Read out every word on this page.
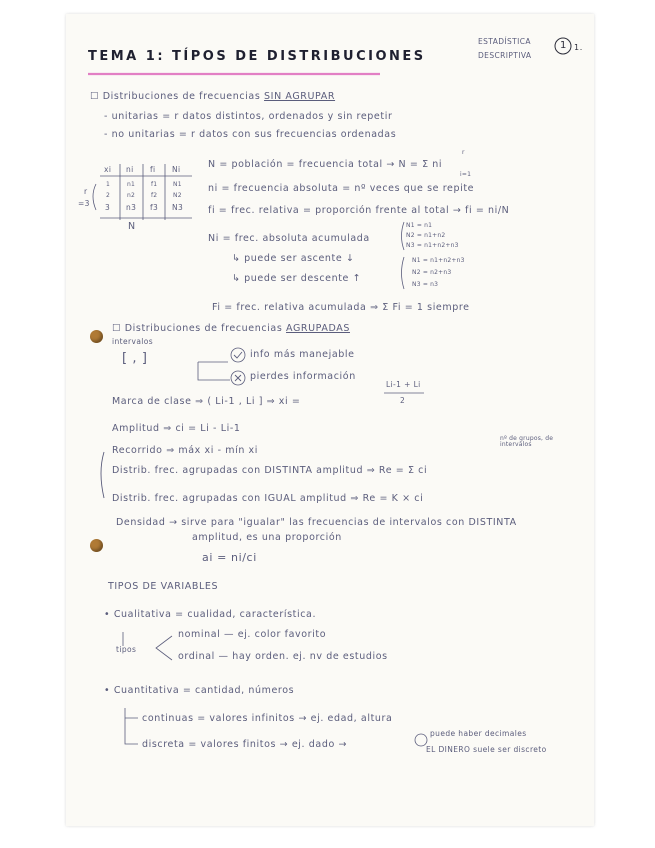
TEMA 1: TÍPOS DE DISTRIBUCIONES
ESTADÍSTICA
DESCRIPTIVA
1 1.
☐ Distribuciones de frecuencias SIN AGRUPAR
- unitarias = r datos distintos, ordenados y sin repetir
- no unitarias = r datos con sus frecuencias ordenadas
xi ni fi Ni
1	n1	f1	N1
2	n2	f2	N2
3 n3 f3 N3
N
r
=3
N = población = frecuencia total → N = Σ ni
r
i=1
ni = frecuencia absoluta = nº veces que se repite
fi = frec. relativa = proporción frente al total → fi = ni/N
Ni = frec. absoluta acumulada
N1 = n1
N2 = n1+n2
N3 = n1+n2+n3
↳ puede ser ascente ↓
↳ puede ser descente ↑
N1 = n1+n2+n3
N2 = n2+n3
N3 = n3
Fi = frec. relativa acumulada ⇒ Σ Fi = 1 siempre
☐ Distribuciones de frecuencias AGRUPADAS
intervalos
[ , ]	info más manejable
pierdes información
Marca de clase ⇒ ( Li-1 , Li ] ⇒ xi =
Li-1 + Li
2
Amplitud ⇒ ci = Li - Li-1
Recorrido ⇒ máx xi - mín xi
Distrib. frec. agrupadas con DISTINTA amplitud ⇒ Re = Σ ci
nº de grupos, de intervalos
Distrib. frec. agrupadas con IGUAL amplitud ⇒ Re = K × ci
Densidad → sirve para "igualar" las frecuencias de intervalos con DISTINTA
amplitud, es una proporción
ai = ni/ci
TIPOS DE VARIABLES
• Cualitativa = cualidad, característica.
tipos
nominal — ej. color favorito
ordinal — hay orden. ej. nv de estudios
• Cuantitativa = cantidad, números
continuas = valores infinitos → ej. edad, altura
discreta = valores finitos → ej. dado →
puede haber decimales
EL DINERO suele ser discreto
